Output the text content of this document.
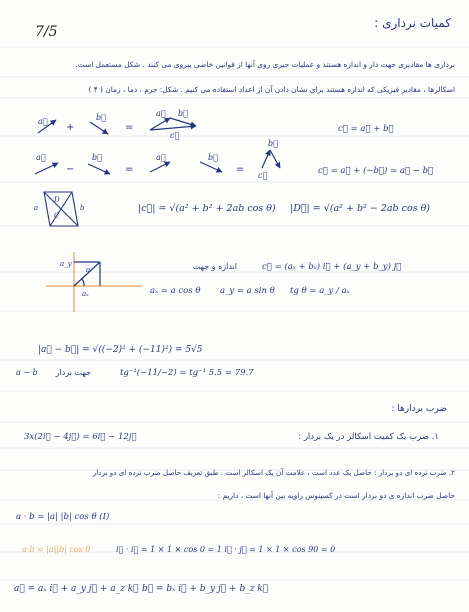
7/5
کمیات نرداری :
برداری ها مقادیری جهت دار و اندازه هستند و عملیات جبری روی آنها از قوانین خاصی پیروی می کنند . شکل مستعمل است.
اسکالرها ، مقادیر فیزیکی که اندازه هستند برای نشان دادن آن از اعداد استفاده می کنیم . شکل: جرم ، دما ، زمان ( ۴ )
a⃗	b⃗	a⃗ b⃗
c⃗
a⃗	b⃗	a⃗	b⃗
b⃗
c⃗
+	=
−	=	=
c⃗ = a⃗ + b⃗
c⃗ = a⃗ + (−b⃗) = a⃗ − b⃗
D
C
a	b	|c⃗| = √(a² + b² + 2ab cos θ) |D⃗| = √(a² + b² − 2ab cos θ)
a_y
aₓ
a	اندازه و جهت	c⃗ = (aₓ + bₓ) i⃗ + (a_y + b_y) j⃗
aₓ = a cos θ a_y = a sin θ tg θ = a_y / aₓ
|a⃗ − b⃗| = √((−2)² + (−11)²) = 5√5
a − b جهت بردار	tg⁻¹(−11/−2) = tg⁻¹ 5.5 = 79.7
ضرب بردارها :
۱. ضرب یک کمیت اسکالر در یک بردار :
3x(2i⃗ − 4j⃗) = 6i⃗ − 12j⃗
۲. ضرب نرده ای دو بردار : حاصل یک عدد است ، علامت آن یک اسکالر است . طبق تعریف حاصل ضرب نرده ای دو بردار
حاصل ضرب اندازه ی دو بردار است در کسینوس زاویه بین آنها است ، داریم :
a · b = |a| |b| cos θ (I)
a·b = |a||b| cos θ	i⃗ · i⃗ = 1 × 1 × cos 0 = 1 i⃗ · j⃗ = 1 × 1 × cos 90 = 0
a⃗ = aₓ i⃗ + a_y j⃗ + a_z k⃗ b⃗ = bₓ i⃗ + b_y j⃗ + b_z k⃗
